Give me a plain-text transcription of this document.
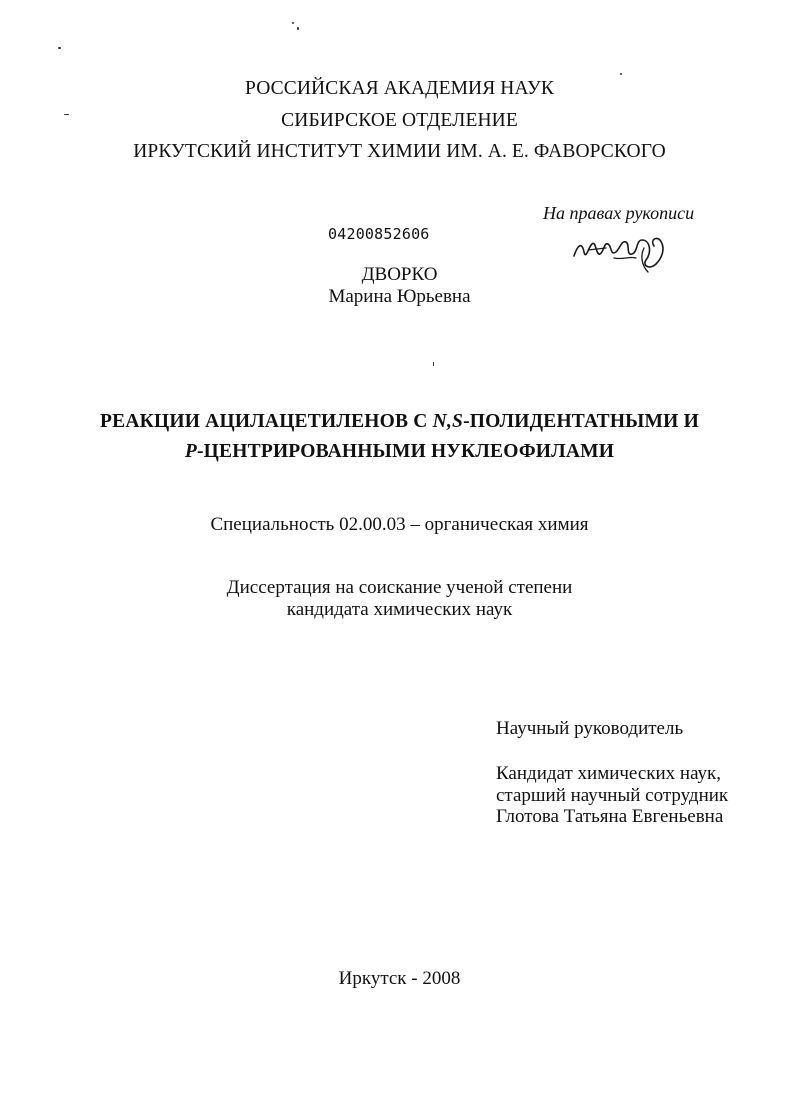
РОССИЙСКАЯ АКАДЕМИЯ НАУК
СИБИРСКОЕ ОТДЕЛЕНИЕ
ИРКУТСКИЙ ИНСТИТУТ ХИМИИ ИМ. А. Е. ФАВОРСКОГО
На правах рукописи
04200852606
ДВОРКО
Марина Юрьевна
РЕАКЦИИ АЦИЛАЦЕТИЛЕНОВ С N,S-ПОЛИДЕНТАТНЫМИ И
P-ЦЕНТРИРОВАННЫМИ НУКЛЕОФИЛАМИ
Специальность 02.00.03 – органическая химия
Диссертация на соискание ученой степени
кандидата химических наук
Научный руководитель
Кандидат химических наук,
старший научный сотрудник
Глотова Татьяна Евгеньевна
Иркутск - 2008
